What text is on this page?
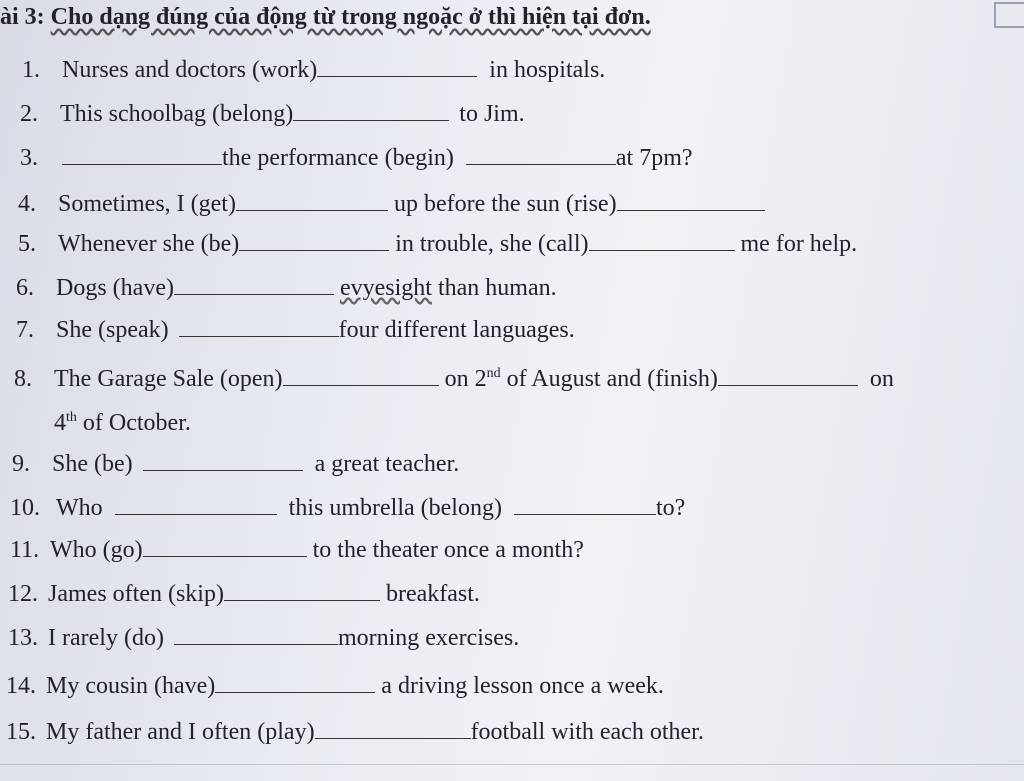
ài 3: Cho dạng đúng của động từ trong ngoặc ở thì hiện tại đơn.
1. Nurses and doctors (work)	in hospitals.
2. This schoolbag (belong)	to Jim.
3.	the performance (begin)	at 7pm?
4. Sometimes, I (get)	up before the sun (rise)
5. Whenever she (be)	in trouble, she (call)	me for help.
6. Dogs (have)	evyesight than human.
7. She (speak)	four different languages.
8. The Garage Sale (open)	on 2nd of August and (finish)	on
4th of October.
9. She (be)	a great teacher.
10. Who	this umbrella (belong)	to?
11. Who (go)	to the theater once a month?
12. James often (skip)	breakfast.
13. I rarely (do)	morning exercises.
14. My cousin (have)	a driving lesson once a week.
15. My father and I often (play)	football with each other.
